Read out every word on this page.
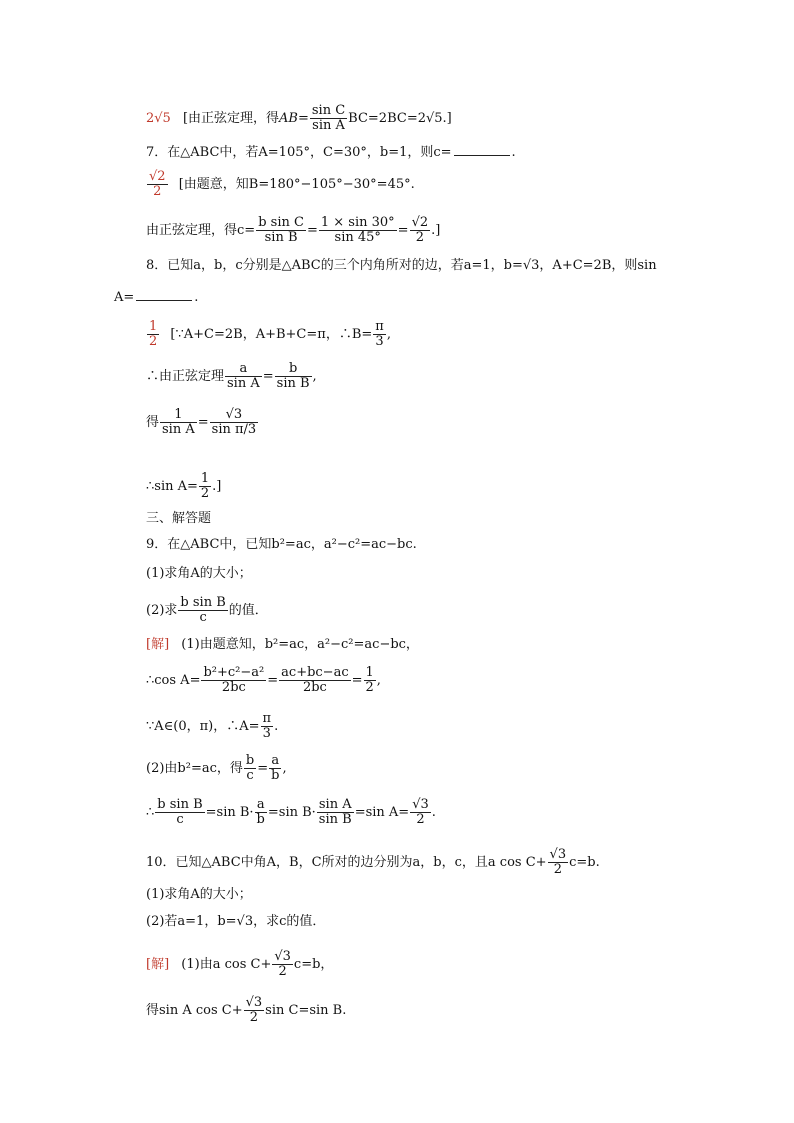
2√5 [由正弦定理，得$AB= \frac{\text{sin C}}{\text{sin A}} BC=2BC=2√5$.]
7．在△ABC中，若A=105°，C=30°，b=1，则c=	.
$\frac{√2}{2}$ [由题意，知B=180°−105°−30°=45°.
由正弦定理，得$c= \frac{\text{b sin C}}{\text{sin B}} = \frac{1 \times \sin 30^\circ}{\sin 45^\circ} = \frac{√2}{2}$ .]
8．已知a，b，c分别是△ABC的三个内角所对的边，若a=1，b=√3，A+C=2B，则sin
A=	.
$\frac{1}{2}$ [∵A+C=2B，A+B+C=π，∴B= $\frac{\pi}{3}$ ,
∴由正弦定理 $\frac{a}{\text{sin A}} = \frac{b}{\text{sin B}}$ ,
得 $\frac{1}{\text{sin A}} = \frac{√3}{\text{sin π/3}}$
∴sin $A= \frac{1}{2}$ .]
三、解答题
9．在△ABC中，已知b²=ac，a²−c²=ac−bc.
(1)求角A的大小；
(2)求 $\frac{\text{b sin B}}{c}$ 的值．
[解] (1)由题意知，b²=ac，a²−c²=ac−bc，
∴cos $A= \frac{\text{b²+c²−a²}}{2bc} = \frac{ac+bc-ac}{2bc} = \frac{1}{2}$ ,
∵A∈(0，π)，∴A= $\frac{\pi}{3}$ .
(2)由b²=ac，得 $\frac{b}{c} = \frac{a}{b}$ ,
∴ $\frac{\text{b sin B}}{c} =\sin$ $B\cdot \frac{a}{b} =\sin$ $B\cdot \frac{\text{sin A}}{\text{sin B}} =\sin$ $A= \frac{√3}{2}$ .
10．已知△ABC中角A，B，C所对的边分别为a，b，c，且a $\cos C+ \frac{√3}{2} c=b$.
(1)求角A的大小；
(2)若a=1，b=√3，求c的值．
[解] (1)由a $\cos C+ \frac{√3}{2} c=b$，
得sin A $\cos C+ \frac{√3}{2}$ sin C=sin B.
